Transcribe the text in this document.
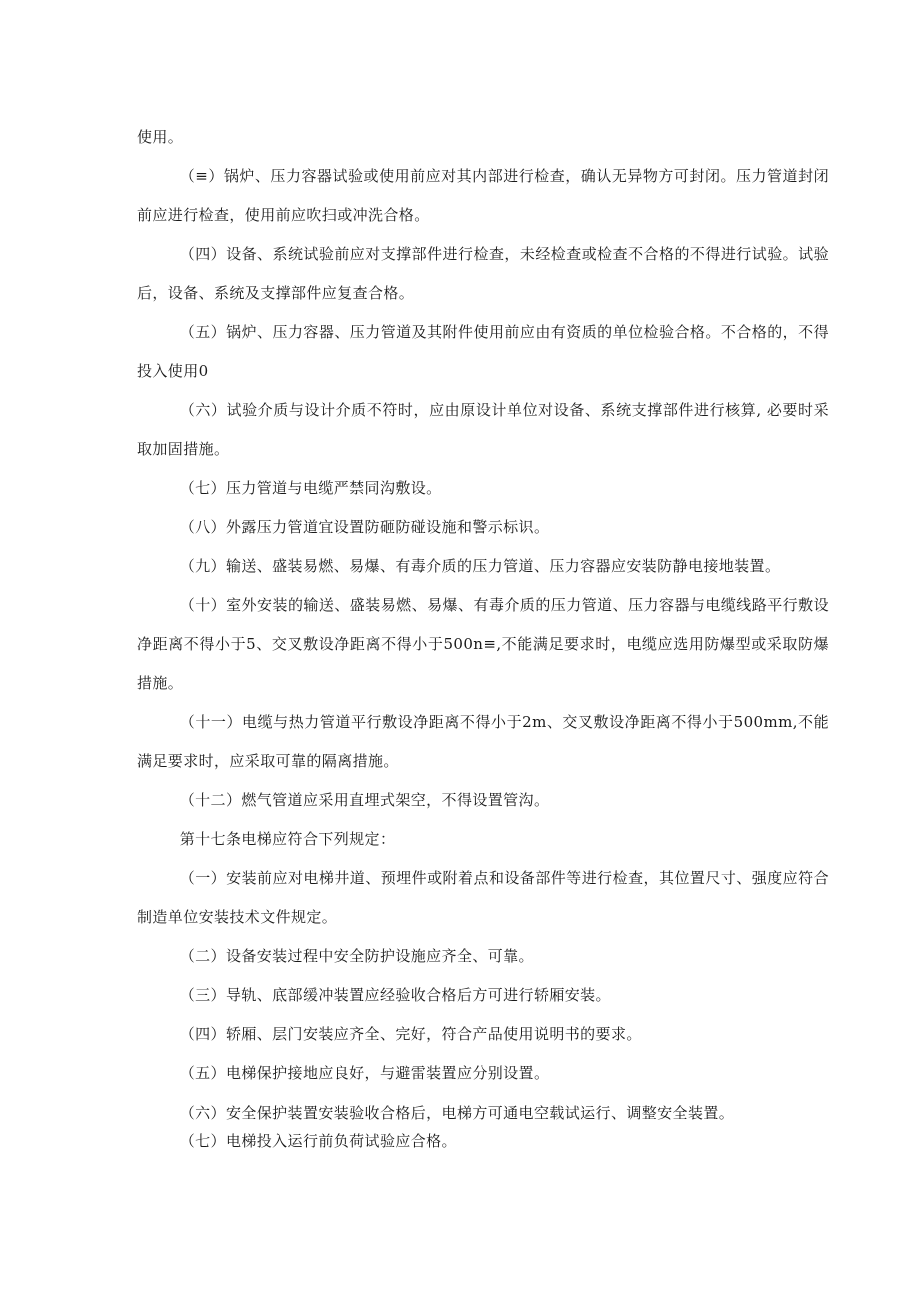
使用。

（≡）锅炉、压力容器试验或使用前应对其内部进行检查，确认无异物方可封闭。压力管道封闭前应进行检查，使用前应吹扫或冲洗合格。

（四）设备、系统试验前应对支撑部件进行检查，未经检查或检查不合格的不得进行试验。试验后，设备、系统及支撑部件应复查合格。

（五）锅炉、压力容器、压力管道及其附件使用前应由有资质的单位检验合格。不合格的，不得投入使用0

（六）试验介质与设计介质不符时，应由原设计单位对设备、系统支撑部件进行核算, 必要时采取加固措施。

（七）压力管道与电缆严禁同沟敷设。

（八）外露压力管道宜设置防砸防碰设施和警示标识。

（九）输送、盛装易燃、易爆、有毒介质的压力管道、压力容器应安装防静电接地装置。

（十）室外安装的输送、盛装易燃、易爆、有毒介质的压力管道、压力容器与电缆线路平行敷设净距离不得小于5、交叉敷设净距离不得小于500n≡,不能满足要求时，电缆应选用防爆型或采取防爆措施。

（十一）电缆与热力管道平行敷设净距离不得小于2m、交叉敷设净距离不得小于500mm,不能满足要求时，应采取可靠的隔离措施。

（十二）燃气管道应采用直埋式架空，不得设置管沟。

第十七条电梯应符合下列规定：

（一）安装前应对电梯井道、预埋件或附着点和设备部件等进行检查，其位置尺寸、强度应符合制造单位安装技术文件规定。

（二）设备安装过程中安全防护设施应齐全、可靠。

（三）导轨、底部缓冲装置应经验收合格后方可进行轿厢安装。

（四）轿厢、层门安装应齐全、完好，符合产品使用说明书的要求。

（五）电梯保护接地应良好，与避雷装置应分别设置。

（六）安全保护装置安装验收合格后，电梯方可通电空载试运行、调整安全装置。

（七）电梯投入运行前负荷试验应合格。
